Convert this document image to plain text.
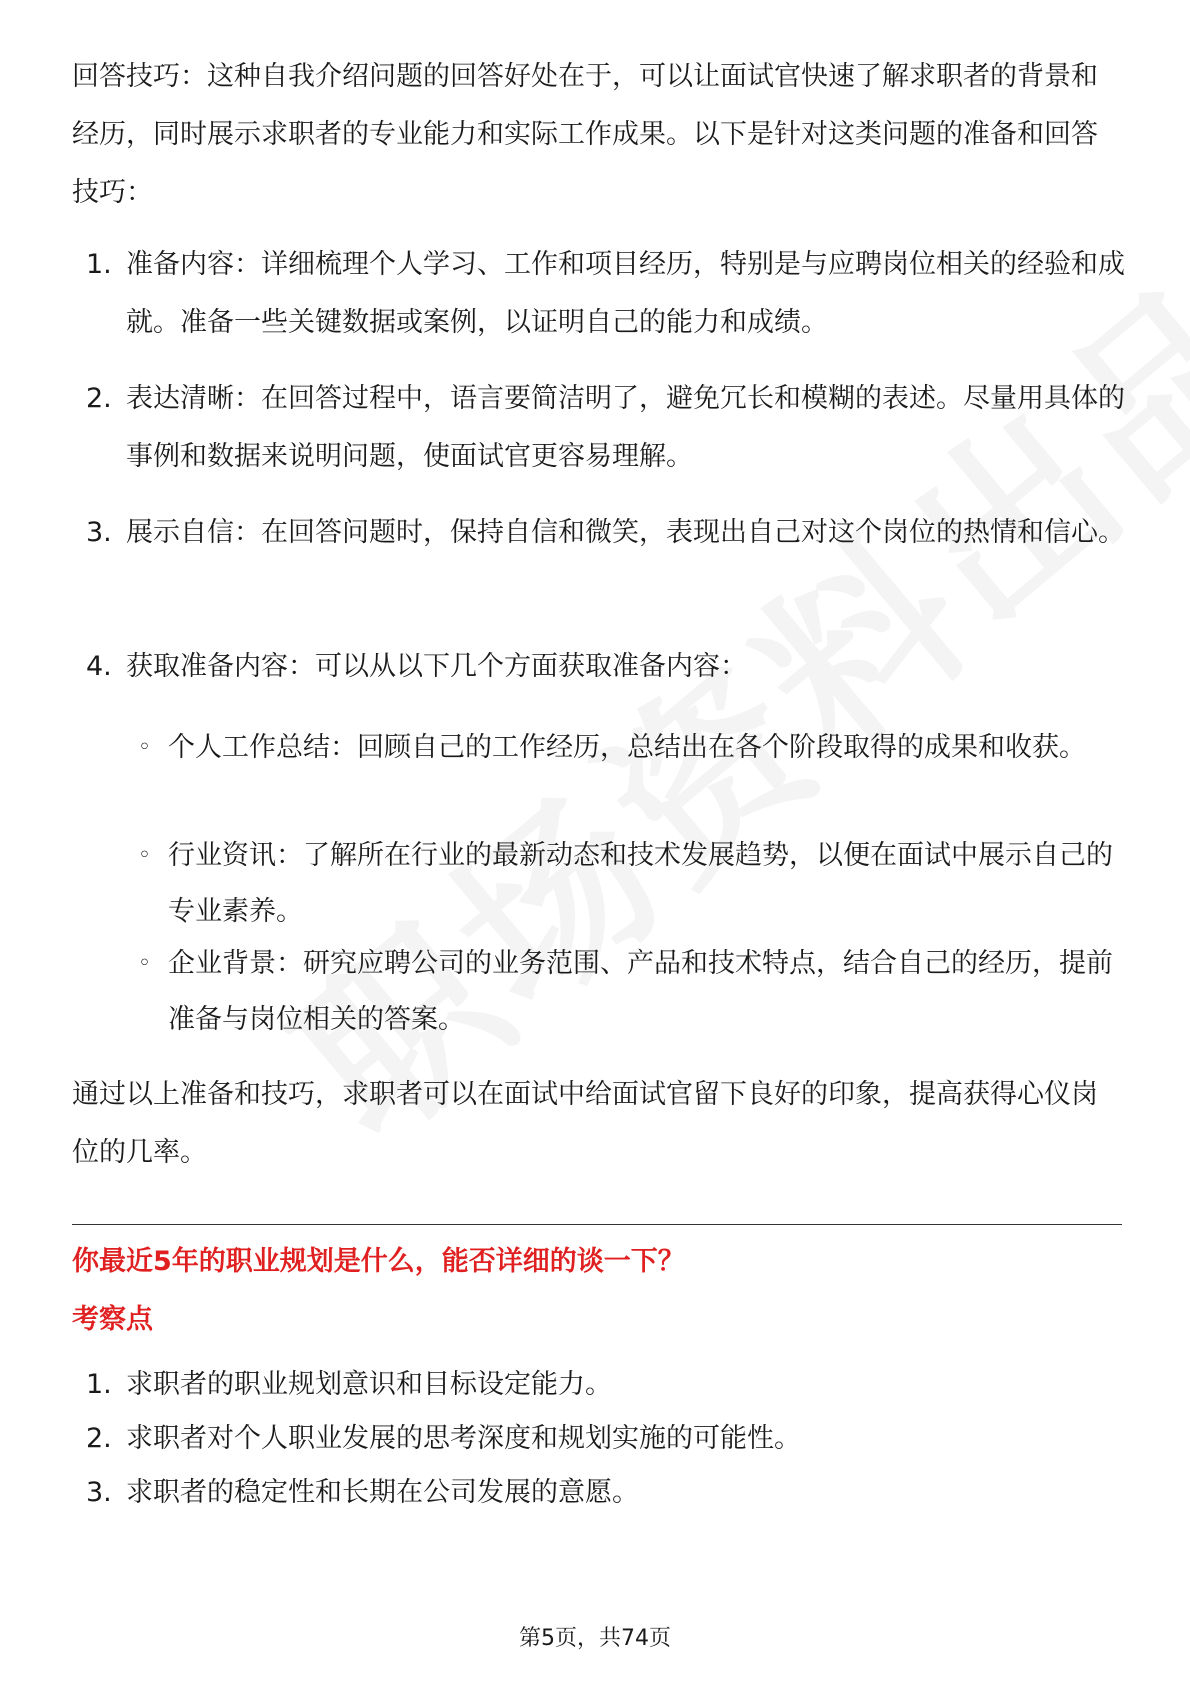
回答技巧：这种自我介绍问题的回答好处在于，可以让面试官快速了解求职者的背景和经历，同时展示求职者的专业能力和实际工作成果。以下是针对这类问题的准备和回答技巧：

1. 准备内容：详细梳理个人学习、工作和项目经历，特别是与应聘岗位相关的经验和成就。准备一些关键数据或案例，以证明自己的能力和成绩。
2. 表达清晰：在回答过程中，语言要简洁明了，避免冗长和模糊的表述。尽量用具体的事例和数据来说明问题，使面试官更容易理解。
3. 展示自信：在回答问题时，保持自信和微笑，表现出自己对这个岗位的热情和信心。
4. 获取准备内容：可以从以下几个方面获取准备内容：
◦ 个人工作总结：回顾自己的工作经历，总结出在各个阶段取得的成果和收获。
◦ 行业资讯：了解所在行业的最新动态和技术发展趋势，以便在面试中展示自己的专业素养。
◦ 企业背景：研究应聘公司的业务范围、产品和技术特点，结合自己的经历，提前准备与岗位相关的答案。

通过以上准备和技巧，求职者可以在面试中给面试官留下良好的印象，提高获得心仪岗位的几率。

你最近5年的职业规划是什么，能否详细的谈一下？
考察点
1. 求职者的职业规划意识和目标设定能力。
2. 求职者对个人职业发展的思考深度和规划实施的可能性。
3. 求职者的稳定性和长期在公司发展的意愿。
第5页，共74页
